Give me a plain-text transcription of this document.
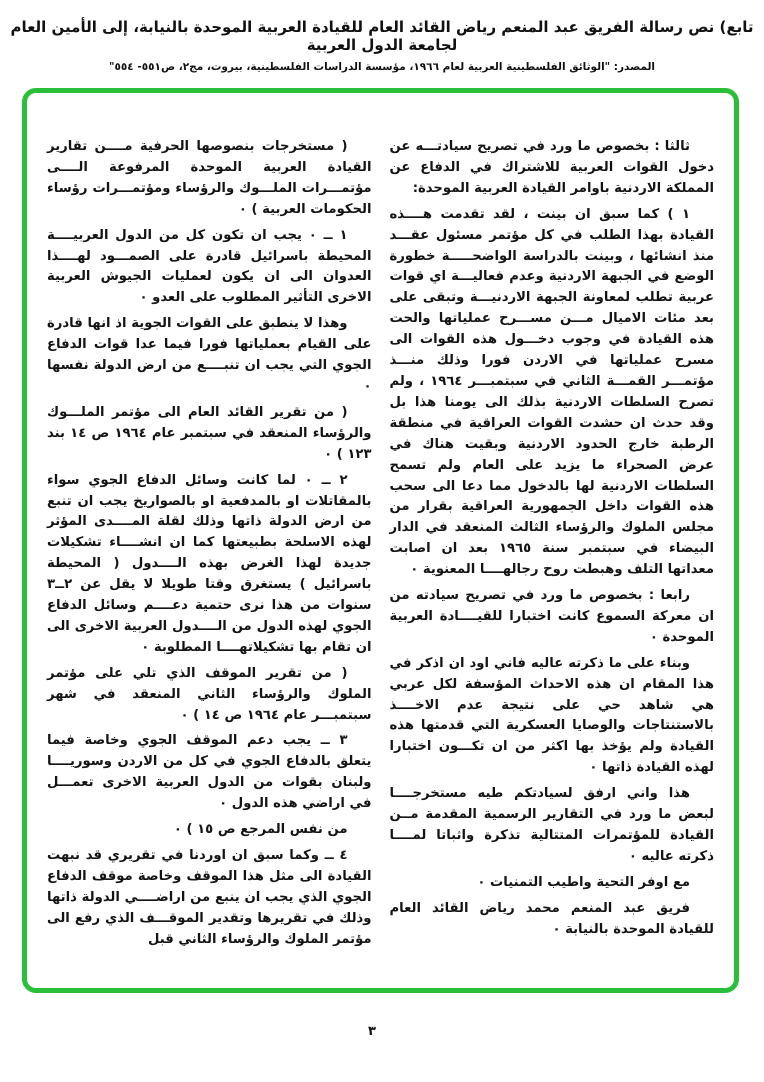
تابع) نص رسالة الفريق عبد المنعم رياض القائد العام للقيادة العربية الموحدة بالنيابة، إلى الأمين العام لجامعة الدول العربية
المصدر: "الوثائق الفلسطينية العربية لعام ١٩٦٦، مؤسسة الدراسات الفلسطينية، بيروت، مج٢، ص٥٥١- ٥٥٤"

ثالثا : بخصوص ما ورد في تصريح سيادتـــه عن دخول القوات العربية للاشتراك في الدفاع عن المملكة الاردنية باوامر القيادة العربية الموحدة:

١ ) كما سبق ان بينت ، لقد تقدمت هــــذه القيادة بهذا الطلب في كل مؤتمر مسئول عقـــد منذ انشائها ، وبينت بالدراسة الواضحـــــة خطورة الوضع في الجبهة الاردنية وعدم فعاليـــة اي قوات عربية تطلب لمعاونة الجبهة الاردنيـــة وتبقى على بعد مئات الاميال مـــن مســـرح عملياتها والحت هذه القيادة في وجوب دخـــول هذه القوات الى مسرح عملياتها في الاردن فورا وذلك منـــذ مؤتمـــر القمـــة الثاني في سبتمبـــر ١٩٦٤ ، ولم تصرح السلطات الاردنية بذلك الى يومنا هذا بل وقد حدث ان حشدت القوات العراقية في منطقة الرطبة خارج الحدود الاردنية وبقيت هناك في عرض الصحراء ما يزيد على العام ولم تسمح السلطات الاردنية لها بالدخول مما دعا الى سحب هذه القوات داخل الجمهورية العراقية بقرار من مجلس الملوك والرؤساء الثالث المنعقد في الدار البيضاء في سبتمبر سنة ١٩٦٥ بعد ان اصابت معداتها التلف وهبطت روح رجالهــــا المعنوية ٠

رابعا : بخصوص ما ورد في تصريح سيادته من ان معركة السموع كانت اختبارا للقيــــادة العربية الموحدة ٠

وبناء على ما ذكرته عاليه فاني اود ان اذكر في هذا المقام ان هذه الاحداث المؤسفة لكل عربي هي شاهد حي على نتيجة عدم الاخــــذ بالاستنتاجات والوصايا العسكرية التي قدمتها هذه القيادة ولم يؤخذ بها اكثر من ان تكـــون اختبارا لهذه القيادة ذاتها ٠

هذا واني ارفق لسيادتكم طيه مستخرجــــا لبعض ما ورد في التقارير الرسمية المقدمة مــن القيادة للمؤتمرات المتتالية تذكرة واثباتا لمــــا ذكرته عاليه ٠

مع اوفر التحية واطيب التمنيات ٠

فريق عبد المنعم محمد رياض القائد العام للقيادة الموحدة بالنيابة ٠

( مستخرجات بنصوصها الحرفية مــــن تقارير القيادة العربية الموحدة المرفوعة الــــى مؤتمـــرات الملـــوك والرؤساء ومؤتمـــرات رؤساء الحكومات العربية ) ٠

١ ــ ٠ يجب ان تكون كل من الدول العربيــــة المحيطة باسرائيل قادرة على الصمـــود لهــــذا العدوان الى ان يكون لعمليات الجيوش العربية الاخرى التأثير المطلوب على العدو ٠

وهذا لا ينطبق على القوات الجوية اذ انها قادرة على القيام بعملياتها فورا فيما عدا قوات الدفاع الجوي التي يجب ان تنبــــع من ارض الدولة نفسها ٠

( من تقرير القائد العام الى مؤتمر الملـــوك والرؤساء المنعقد في سبتمبر عام ١٩٦٤ ص ١٤ بند ١٢٣ ) ٠

٢ ــ ٠ لما كانت وسائل الدفاع الجوي سواء بالمقاتلات او بالمدفعية او بالصواريخ يجب ان تنبع من ارض الدولة ذاتها وذلك لقلة المــــدى المؤثر لهذه الاسلحة بطبيعتها كما ان انشــــاء تشكيلات جديدة لهذا الغرض بهذه الــــدول ( المحيطة باسرائيل ) يستغرق وقتا طويلا لا يقل عن ٢ــ٣ سنوات من هذا نرى حتمية دعــــم وسائل الدفاع الجوي لهذه الدول من الــــدول العربية الاخرى الى ان تقام بها تشكيلاتهــــا المطلوبة ٠

( من تقرير الموقف الذي تلي على مؤتمر الملوك والرؤساء الثاني المنعقد في شهر سبتمبـــر عام ١٩٦٤ ص ١٤ ) ٠

٣ ــ يجب دعم الموقف الجوي وخاصة فيما يتعلق بالدفاع الجوي في كل من الاردن وسوريــــا ولبنان بقوات من الدول العربية الاخرى تعمـــل في اراضي هذه الدول ٠

من نفس المرجع ص ١٥ ) ٠

٤ ــ وكما سبق ان اوردنا في تقريري قد نبهت القيادة الى مثل هذا الموقف وخاصة موقف الدفاع الجوي الذي يجب ان ينبع من اراضــــي الدولة ذاتها وذلك في تقريرها وتقدير الموقـــف الذي رفع الى مؤتمر الملوك والرؤساء الثاني قبل

٣
